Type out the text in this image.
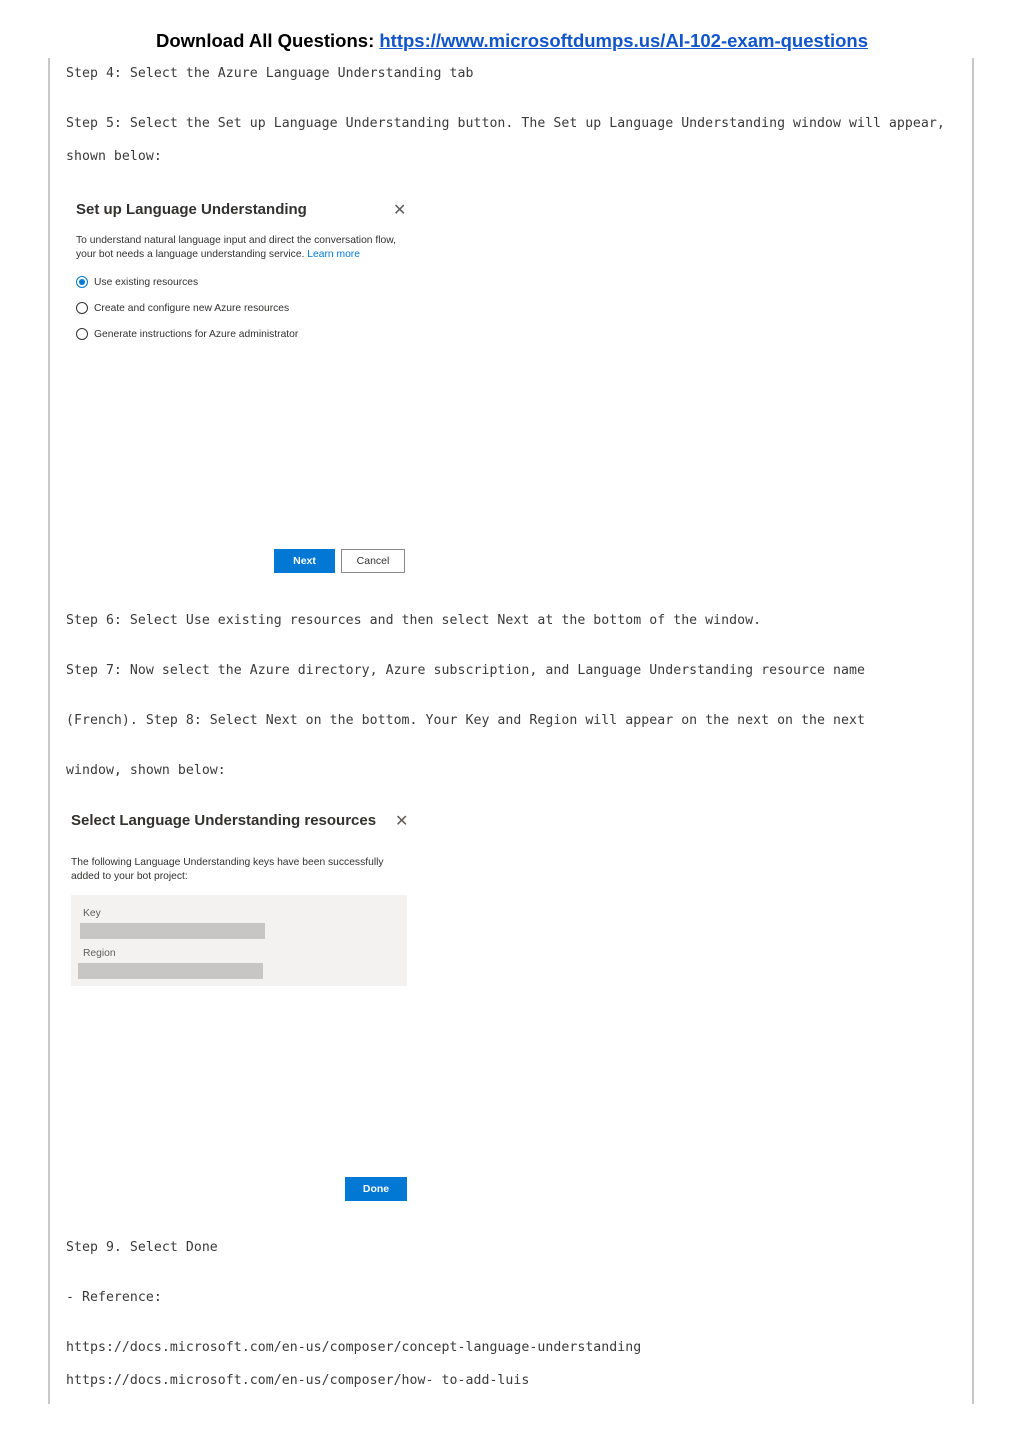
Download All Questions: https://www.microsoftdumps.us/AI-102-exam-questions
Step 4: Select the Azure Language Understanding tab
Step 5: Select the Set up Language Understanding button. The Set up Language Understanding window will appear,
shown below:
Set up Language Understanding	✕
To understand natural language input and direct the conversation flow, your bot needs a language understanding service. Learn more
Use existing resources
Create and configure new Azure resources
Generate instructions for Azure administrator
Next	Cancel
Step 6: Select Use existing resources and then select Next at the bottom of the window.
Step 7: Now select the Azure directory, Azure subscription, and Language Understanding resource name
(French). Step 8: Select Next on the bottom. Your Key and Region will appear on the next on the next
window, shown below:
Select Language Understanding resources ✕
The following Language Understanding keys have been successfully added to your bot project:
Key
Region
Done
Step 9. Select Done
- Reference:
https://docs.microsoft.com/en-us/composer/concept-language-understanding
https://docs.microsoft.com/en-us/composer/how- to-add-luis
